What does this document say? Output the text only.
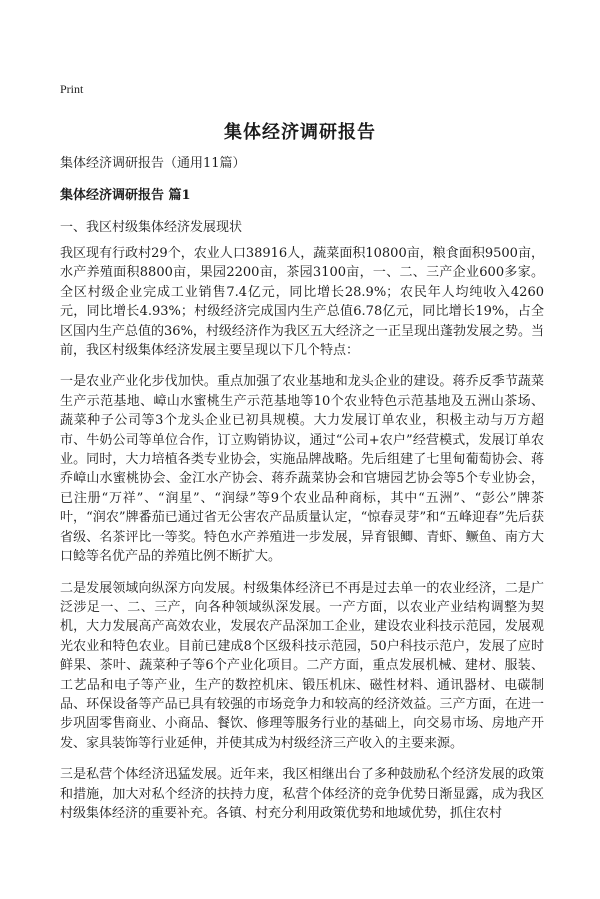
Print
集体经济调研报告

集体经济调研报告（通用11篇）

集体经济调研报告 篇1

一、我区村级集体经济发展现状

我区现有行政村29个，农业人口38916人，蔬菜面积10800亩，粮食面积9500亩，水产养殖面积8800亩，果园2200亩，茶园3100亩，一、二、三产企业600多家。全区村级企业完成工业销售7.4亿元，同比增长28.9%；农民年人均纯收入4260元，同比增长4.93%；村级经济完成国内生产总值6.78亿元，同比增长19%，占全区国内生产总值的36%，村级经济作为我区五大经济之一正呈现出蓬勃发展之势。当前，我区村级集体经济发展主要呈现以下几个特点：

一是农业产业化步伐加快。重点加强了农业基地和龙头企业的建设。蒋乔反季节蔬菜生产示范基地、嶂山水蜜桃生产示范基地等10个农业特色示范基地及五洲山茶场、蔬菜种子公司等3个龙头企业已初具规模。大力发展订单农业，积极主动与万方超市、牛奶公司等单位合作，订立购销协议，通过“公司+农户”经营模式，发展订单农业。同时，大力培植各类专业协会，实施品牌战略。先后组建了七里甸葡萄协会、蒋乔嶂山水蜜桃协会、金江水产协会、蒋乔蔬菜协会和官塘园艺协会等5个专业协会，已注册“万祥”、“润星”、“润绿”等9个农业品种商标，其中“五洲”、“彭公”牌茶叶，“润农”牌番茄已通过省无公害农产品质量认定，“惊春灵芽”和“五峰迎春”先后获省级、名茶评比一等奖。特色水产养殖进一步发展，异育银鲫、青虾、鳜鱼、南方大口鲶等名优产品的养殖比例不断扩大。

二是发展领域向纵深方向发展。村级集体经济已不再是过去单一的农业经济，二是广泛涉足一、二、三产，向各种领域纵深发展。一产方面，以农业产业结构调整为契机，大力发展高产高效农业，发展农产品深加工企业，建设农业科技示范园，发展观光农业和特色农业。目前已建成8个区级科技示范园，50户科技示范户，发展了应时鲜果、茶叶、蔬菜种子等6个产业化项目。二产方面，重点发展机械、建材、服装、工艺品和电子等产业，生产的数控机床、锻压机床、磁性材料、通讯器材、电碳制品、环保设备等产品已具有较强的市场竞争力和较高的经济效益。三产方面，在进一步巩固零售商业、小商品、餐饮、修理等服务行业的基础上，向交易市场、房地产开发、家具装饰等行业延伸，并使其成为村级经济三产收入的主要来源。

三是私营个体经济迅猛发展。近年来，我区相继出台了多种鼓励私个经济发展的政策和措施，加大对私个经济的扶持力度，私营个体经济的竞争优势日渐显露，成为我区村级集体经济的重要补充。各镇、村充分利用政策优势和地域优势，抓住农村
